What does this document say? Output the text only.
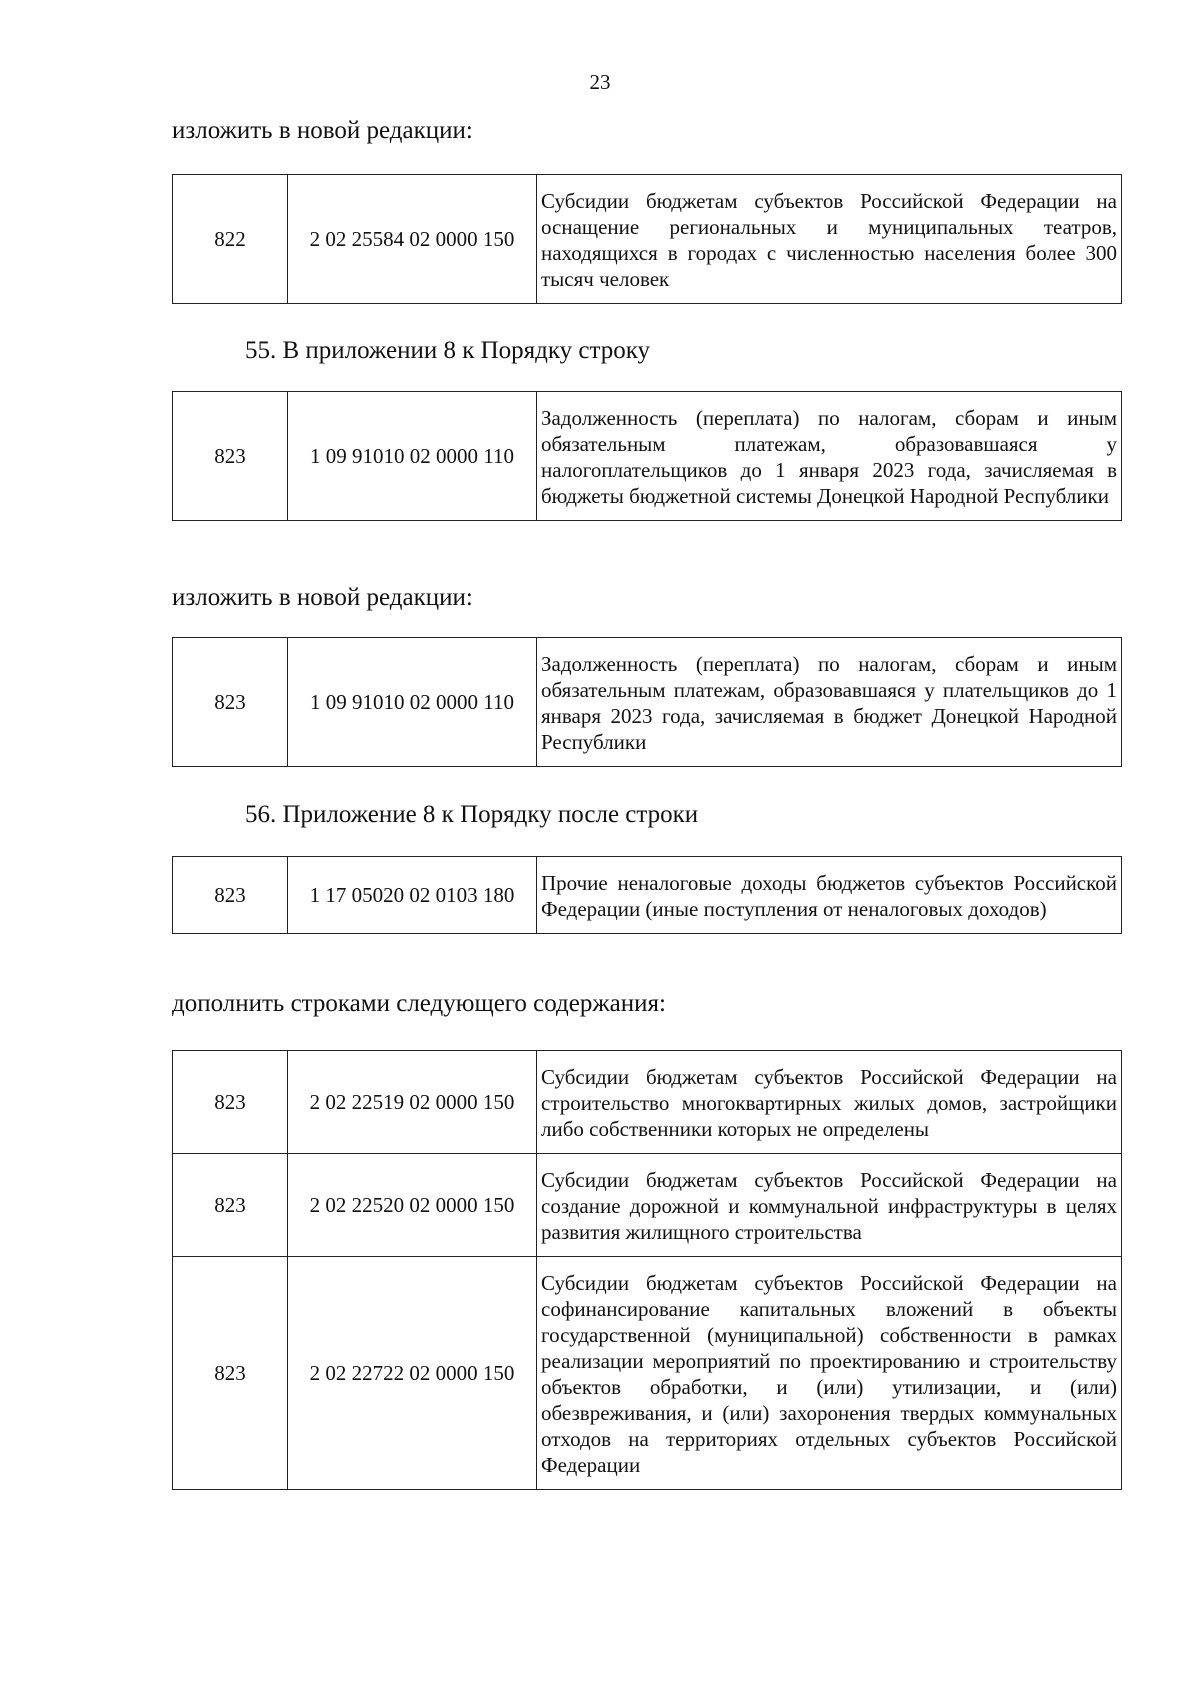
23
изложить в новой редакции:
822	2 02 25584 02 0000 150	Субсидии бюджетам субъектов Российской Федерации на оснащение региональных и муниципальных театров, находящихся в городах с численностью населения более 300 тысяч человек
55. В приложении 8 к Порядку строку
823	1 09 91010 02 0000 110	Задолженность (переплата) по налогам, сборам и иным обязательным платежам, образовавшаяся у налогоплательщиков до 1 января 2023 года, зачисляемая в бюджеты бюджетной системы Донецкой Народной Республики
изложить в новой редакции:
823	1 09 91010 02 0000 110	Задолженность (переплата) по налогам, сборам и иным обязательным платежам, образовавшаяся у плательщиков до 1 января 2023 года, зачисляемая в бюджет Донецкой Народной Республики
56. Приложение 8 к Порядку после строки
823	1 17 05020 02 0103 180	Прочие неналоговые доходы бюджетов субъектов Российской Федерации (иные поступления от неналоговых доходов)
дополнить строками следующего содержания:
823	2 02 22519 02 0000 150	Субсидии бюджетам субъектов Российской Федерации на строительство многоквартирных жилых домов, застройщики либо собственники которых не определены
823	2 02 22520 02 0000 150	Субсидии бюджетам субъектов Российской Федерации на создание дорожной и коммунальной инфраструктуры в целях развития жилищного строительства
823	2 02 22722 02 0000 150	Субсидии бюджетам субъектов Российской Федерации на софинансирование капитальных вложений в объекты государственной (муниципальной) собственности в рамках реализации мероприятий по проектированию и строительству объектов обработки, и (или) утилизации, и (или) обезвреживания, и (или) захоронения твердых коммунальных отходов на территориях отдельных субъектов Российской Федерации
